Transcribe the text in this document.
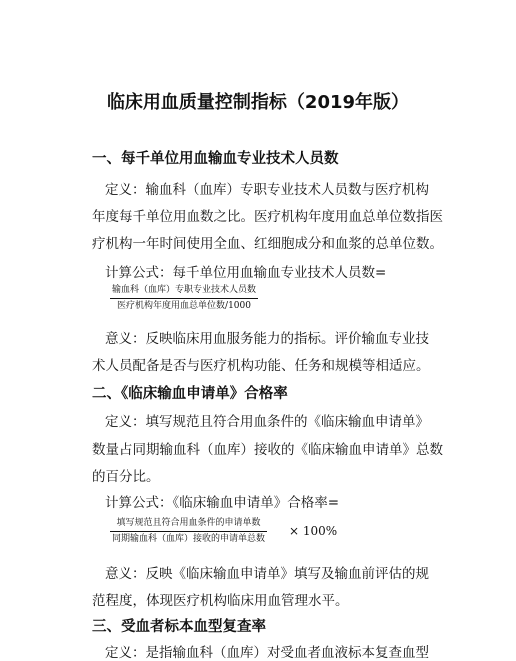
临床用血质量控制指标（2019年版）
一、每千单位用血输血专业技术人员数
定义：输血科（血库）专职专业技术人员数与医疗机构
年度每千单位用血数之比。医疗机构年度用血总单位数指医
疗机构一年时间使用全血、红细胞成分和血浆的总单位数。
计算公式：每千单位用血输血专业技术人员数=
输血科（血库）专职专业技术人员数
医疗机构年度用血总单位数/1000
意义：反映临床用血服务能力的指标。评价输血专业技
术人员配备是否与医疗机构功能、任务和规模等相适应。
二、《临床输血申请单》合格率
定义：填写规范且符合用血条件的《临床输血申请单》
数量占同期输血科（血库）接收的《临床输血申请单》总数
的百分比。
计算公式：《临床输血申请单》合格率=
填写规范且符合用血条件的申请单数
同期输血科（血库）接收的申请单总数
× 100%
意义：反映《临床输血申请单》填写及输血前评估的规
范程度，体现医疗机构临床用血管理水平。
三、受血者标本血型复查率
定义：是指输血科（血库）对受血者血液标本复查血型
